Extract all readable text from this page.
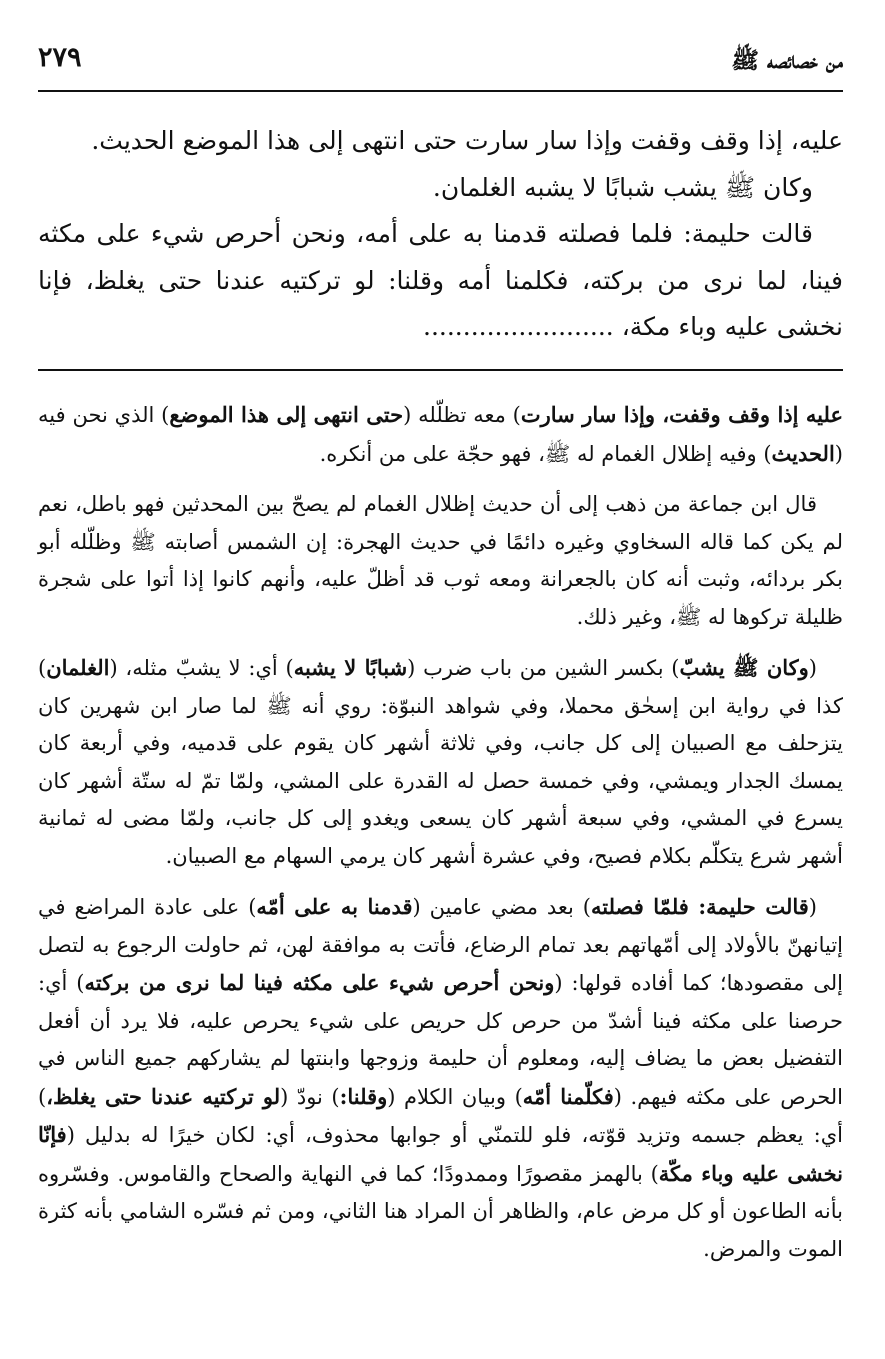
من خصائصه ﷺ
٢٧٩

عليه، إذا وقف وقفت وإذا سار سارت حتى انتهى إلى هذا الموضع الحديث.

وكان ﷺ يشب شبابًا لا يشبه الغلمان.

قالت حليمة: فلما فصلته قدمنا به على أمه، ونحن أحرص شيء على مكثه فينا، لما نرى من بركته، فكلمنا أمه وقلنا: لو تركتيه عندنا حتى يغلظ، فإنا نخشى عليه وباء مكة، ........................

عليه إذا وقف وقفت، وإذا سار سارت) معه تظلّله (حتى انتهى إلى هذا الموضع) الذي نحن فيه (الحديث) وفيه إظلال الغمام له ﷺ، فهو حجّة على من أنكره.

قال ابن جماعة من ذهب إلى أن حديث إظلال الغمام لم يصحّ بين المحدثين فهو باطل، نعم لم يكن كما قاله السخاوي وغيره دائمًا في حديث الهجرة: إن الشمس أصابته ﷺ وظلّله أبو بكر بردائه، وثبت أنه كان بالجعرانة ومعه ثوب قد أظلّ عليه، وأنهم كانوا إذا أتوا على شجرة ظليلة تركوها له ﷺ، وغير ذلك.

(وكان ﷺ يشبّ) بكسر الشين من باب ضرب (شبابًا لا يشبه) أي: لا يشبّ مثله، (الغلمان) كذا في رواية ابن إسحٰق محملا، وفي شواهد النبوّة: روي أنه ﷺ لما صار ابن شهرين كان يتزحلف مع الصبيان إلى كل جانب، وفي ثلاثة أشهر كان يقوم على قدميه، وفي أربعة كان يمسك الجدار ويمشي، وفي خمسة حصل له القدرة على المشي، ولمّا تمّ له ستّة أشهر كان يسرع في المشي، وفي سبعة أشهر كان يسعى ويغدو إلى كل جانب، ولمّا مضى له ثمانية أشهر شرع يتكلّم بكلام فصيح، وفي عشرة أشهر كان يرمي السهام مع الصبيان.

(قالت حليمة: فلمّا فصلته) بعد مضي عامين (قدمنا به على أمّه) على عادة المراضع في إتيانهنّ بالأولاد إلى أمّهاتهم بعد تمام الرضاع، فأتت به موافقة لهن، ثم حاولت الرجوع به لتصل إلى مقصودها؛ كما أفاده قولها: (ونحن أحرص شيء على مكثه فينا لما نرى من بركته) أي: حرصنا على مكثه فينا أشدّ من حرص كل حريص على شيء يحرص عليه، فلا يرد أن أفعل التفضيل بعض ما يضاف إليه، ومعلوم أن حليمة وزوجها وابنتها لم يشاركهم جميع الناس في الحرص على مكثه فيهم. (فكلّمنا أمّه) وبيان الكلام (وقلنا:) نودّ (لو تركتيه عندنا حتى يغلظ،) أي: يعظم جسمه وتزيد قوّته، فلو للتمنّي أو جوابها محذوف، أي: لكان خيرًا له بدليل (فإنّا نخشى عليه وباء مكّة) بالهمز مقصورًا وممدودًا؛ كما في النهاية والصحاح والقاموس. وفسّروه بأنه الطاعون أو كل مرض عام، والظاهر أن المراد هنا الثاني، ومن ثم فسّره الشامي بأنه كثرة الموت والمرض.
